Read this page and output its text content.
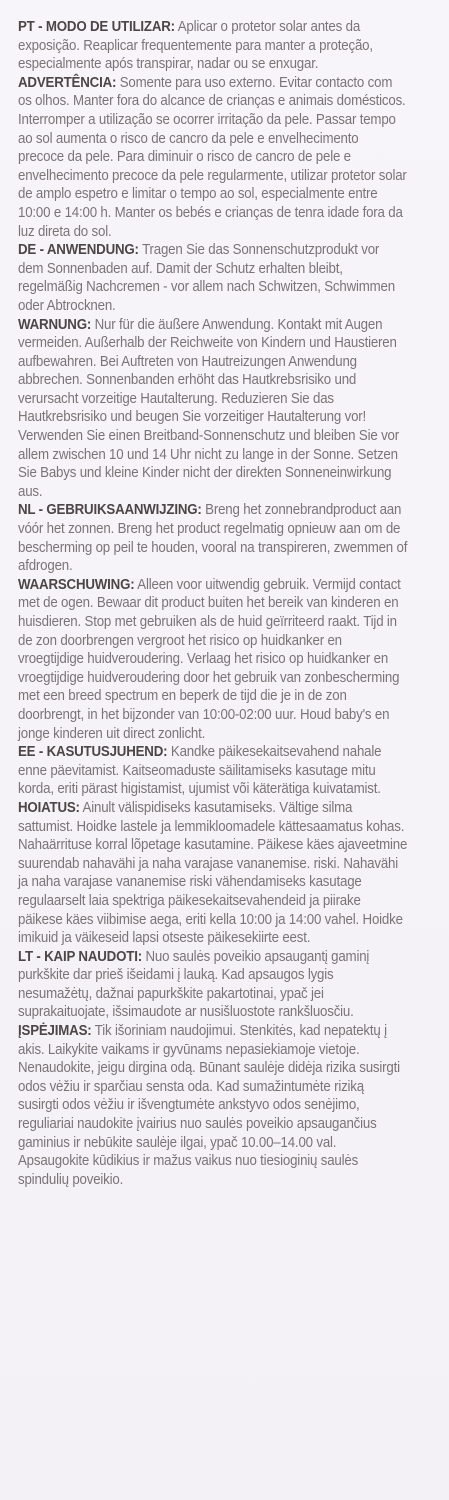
PT - MODO DE UTILIZAR: Aplicar o protetor solar antes da exposição. Reaplicar frequentemente para manter a proteção, especialmente após transpirar, nadar ou se enxugar.

ADVERTÊNCIA: Somente para uso externo. Evitar contacto com os olhos. Manter fora do alcance de crianças e animais domésticos. Interromper a utilização se ocorrer irritação da pele. Passar tempo ao sol aumenta o risco de cancro da pele e envelhecimento precoce da pele. Para diminuir o risco de cancro de pele e envelhecimento precoce da pele regularmente, utilizar protetor solar de amplo espetro e limitar o tempo ao sol, especialmente entre 10:00 e 14:00 h. Manter os bebés e crianças de tenra idade fora da luz direta do sol.

DE - ANWENDUNG: Tragen Sie das Sonnenschutzprodukt vor dem Sonnenbaden auf. Damit der Schutz erhalten bleibt, regelmäßig Nachcremen - vor allem nach Schwitzen, Schwimmen oder Abtrocknen.

WARNUNG: Nur für die äußere Anwendung. Kontakt mit Augen vermeiden. Außerhalb der Reichweite von Kindern und Haustieren aufbewahren. Bei Auftreten von Hautreizungen Anwendung abbrechen. Sonnenbanden erhöht das Hautkrebsrisiko und verursacht vorzeitige Hautalterung. Reduzieren Sie das Hautkrebsrisiko und beugen Sie vorzeitiger Hautalterung vor! Verwenden Sie einen Breitband-Sonnenschutz und bleiben Sie vor allem zwischen 10 und 14 Uhr nicht zu lange in der Sonne. Setzen Sie Babys und kleine Kinder nicht der direkten Sonneneinwirkung aus.

NL - GEBRUIKSAANWIJZING: Breng het zonnebrandproduct aan vóór het zonnen. Breng het product regelmatig opnieuw aan om de bescherming op peil te houden, vooral na transpireren, zwemmen of afdrogen.

WAARSCHUWING: Alleen voor uitwendig gebruik. Vermijd contact met de ogen. Bewaar dit product buiten het bereik van kinderen en huisdieren. Stop met gebruiken als de huid geïrriteerd raakt. Tijd in de zon doorbrengen vergroot het risico op huidkanker en vroegtijdige huidveroudering. Verlaag het risico op huidkanker en vroegtijdige huidveroudering door het gebruik van zonbescherming met een breed spectrum en beperk de tijd die je in de zon doorbrengt, in het bijzonder van 10:00-02:00 uur. Houd baby's en jonge kinderen uit direct zonlicht.

EE - KASUTUSJUHEND: Kandke päikesekaitsevahend nahale enne päevitamist. Kaitseomaduste säilitamiseks kasutage mitu korda, eriti pärast higistamist, ujumist või käterätiga kuivatamist.

HOIATUS: Ainult välispidiseks kasutamiseks. Vältige silma sattumist. Hoidke lastele ja lemmikloomadele kättesaamatus kohas. Nahaärrituse korral lõpetage kasutamine. Päikese käes ajaveetmine suurendab nahavähi ja naha varajase vananemise. riski. Nahavähi ja naha varajase vananemise riski vähendamiseks kasutage regulaarselt laia spektriga päikesekaitsevahendeid ja piirake päikese käes viibimise aega, eriti kella 10:00 ja 14:00 vahel. Hoidke imikuid ja väikeseid lapsi otseste päikesekiirte eest.

LT - KAIP NAUDOTI: Nuo saulės poveikio apsaugantį gaminį purkškite dar prieš išeidami į lauką. Kad apsaugos lygis nesumažėtų, dažnai papurkškite pakartotinai, ypač jei suprakaituojate, išsimaudote ar nusišluostote rankšluosčiu.

ĮSPĖJIMAS: Tik išoriniam naudojimui. Stenkitės, kad nepatektų į akis. Laikykite vaikams ir gyvūnams nepasiekiamoje vietoje. Nenaudokite, jeigu dirgina odą. Būnant saulėje didėja rizika susirgti odos vėžiu ir sparčiau sensta oda. Kad sumažintumėte riziką susirgti odos vėžiu ir išvengtumėte ankstyvo odos senėjimo, reguliariai naudokite įvairius nuo saulės poveikio apsaugančius gaminius ir nebūkite saulėje ilgai, ypač 10.00–14.00 val. Apsaugokite kūdikius ir mažus vaikus nuo tiesioginių saulės spindulių poveikio.
